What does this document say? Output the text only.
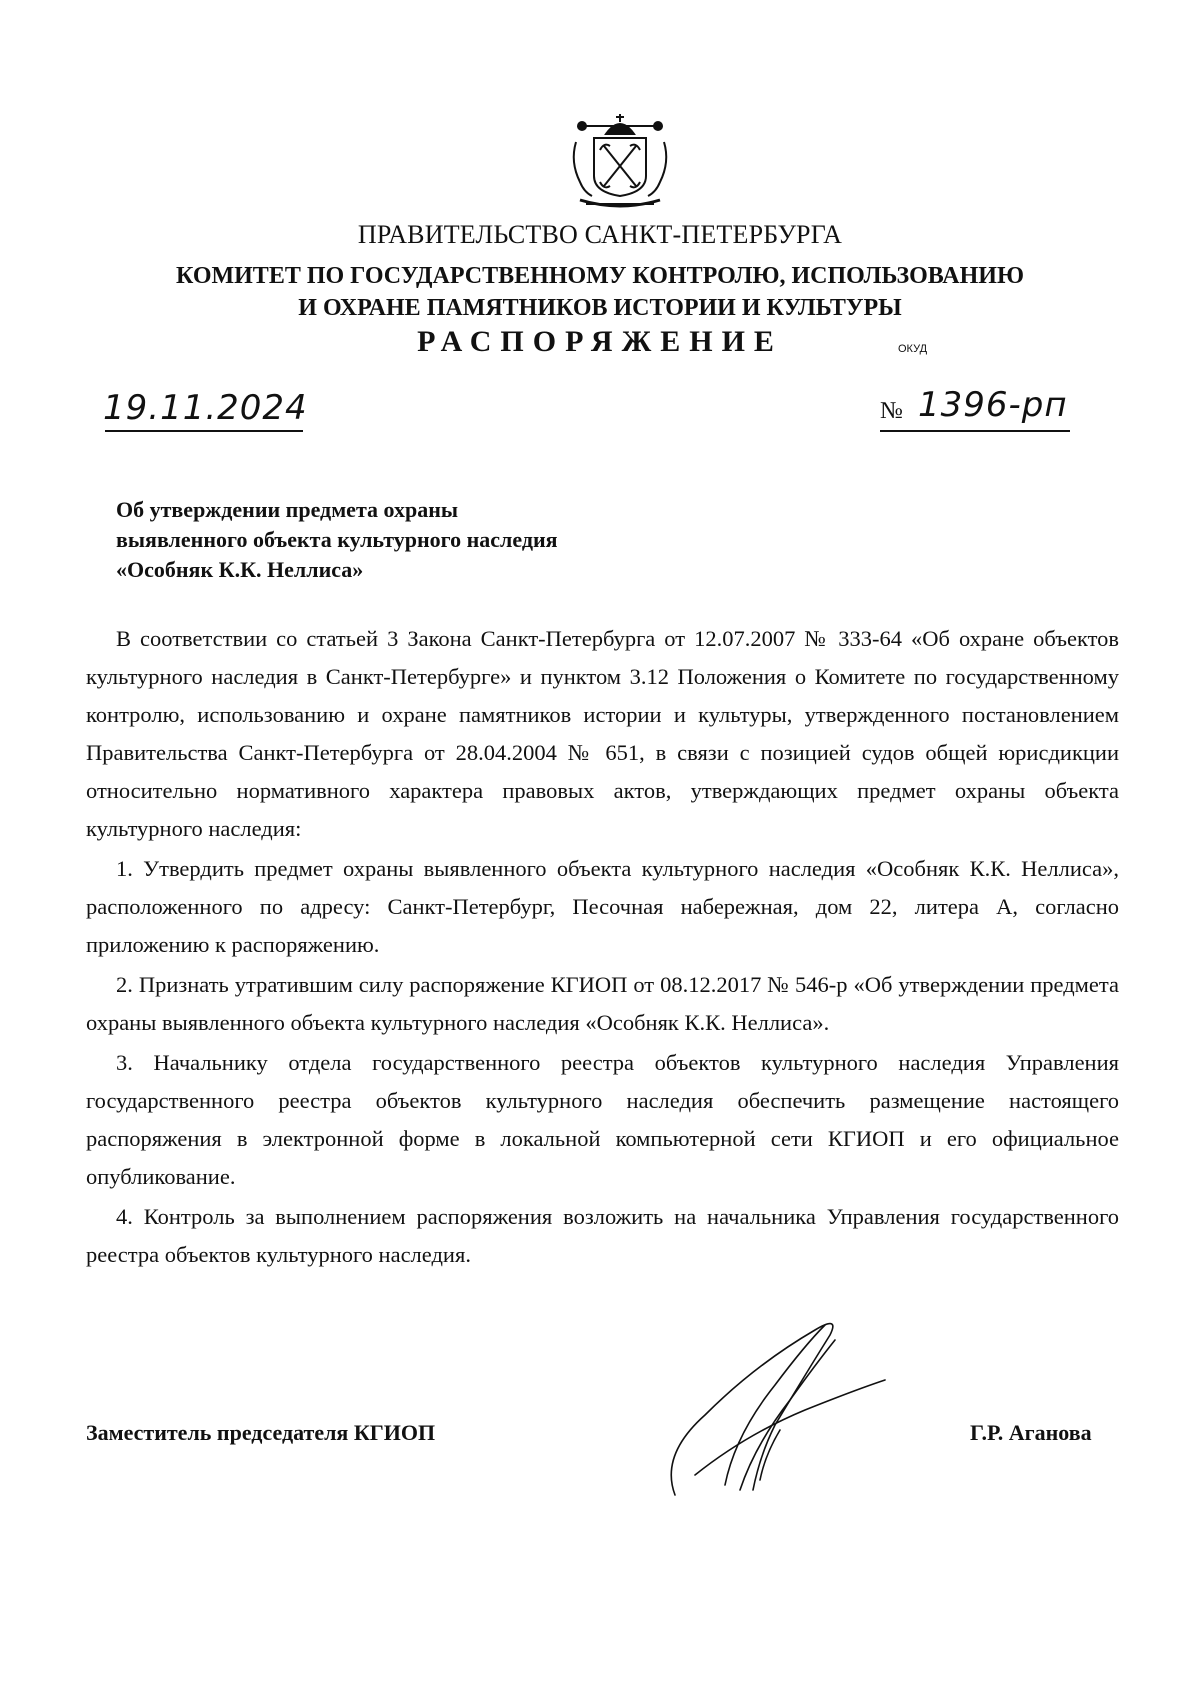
ПРАВИТЕЛЬСТВО САНКТ-ПЕТЕРБУРГА
КОМИТЕТ ПО ГОСУДАРСТВЕННОМУ КОНТРОЛЮ, ИСПОЛЬЗОВАНИЮ
И ОХРАНЕ ПАМЯТНИКОВ ИСТОРИИ И КУЛЬТУРЫ
РАСПОРЯЖЕНИЕ	ОКУД
19.11.2024	№ 1396-рп
Об утверждении предмета охраны
выявленного объекта культурного наследия
«Особняк К.К. Неллиса»

В соответствии со статьей 3 Закона Санкт-Петербурга от 12.07.2007 № 333-64 «Об охране объектов культурного наследия в Санкт-Петербурге» и пунктом 3.12 Положения о Комитете по государственному контролю, использованию и охране памятников истории и культуры, утвержденного постановлением Правительства Санкт-Петербурга от 28.04.2004 № 651, в связи с позицией судов общей юрисдикции относительно нормативного характера правовых актов, утверждающих предмет охраны объекта культурного наследия:

1. Утвердить предмет охраны выявленного объекта культурного наследия «Особняк К.К. Неллиса», расположенного по адресу: Санкт-Петербург, Песочная набережная, дом 22, литера А, согласно приложению к распоряжению.

2. Признать утратившим силу распоряжение КГИОП от 08.12.2017 № 546-р «Об утверждении предмета охраны выявленного объекта культурного наследия «Особняк К.К. Неллиса».

3. Начальнику отдела государственного реестра объектов культурного наследия Управления государственного реестра объектов культурного наследия обеспечить размещение настоящего распоряжения в электронной форме в локальной компьютерной сети КГИОП и его официальное опубликование.

4. Контроль за выполнением распоряжения возложить на начальника Управления государственного реестра объектов культурного наследия.

Заместитель председателя КГИОП	Г.Р. Аганова
